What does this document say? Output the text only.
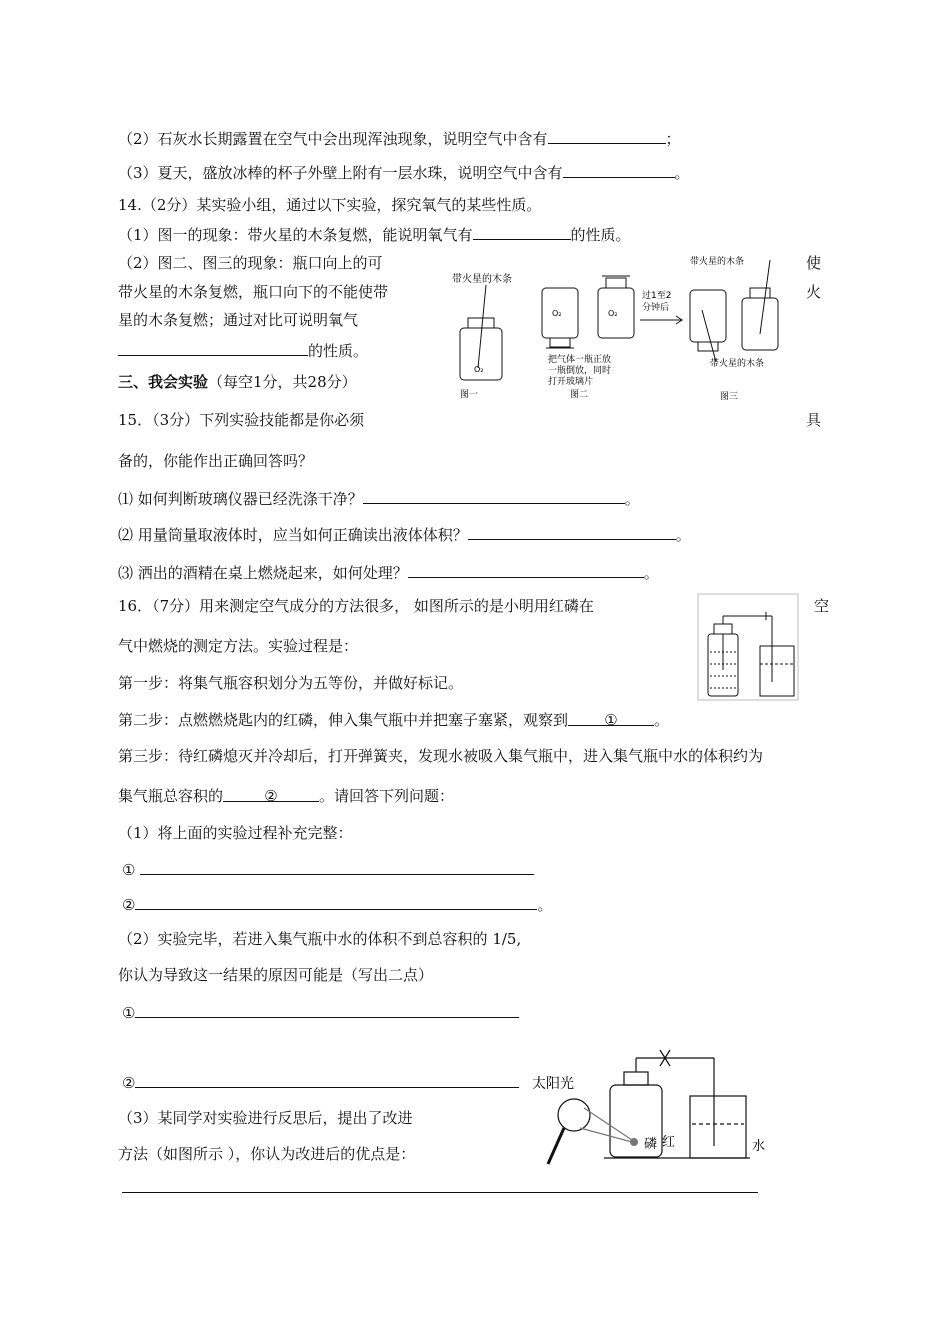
（2）石灰水长期露置在空气中会出现浑浊现象，说明空气中含有	；
（3）夏天，盛放冰棒的杯子外壁上附有一层水珠，说明空气中含有	。
14.（2分）某实验小组，通过以下实验，探究氧气的某些性质。
（1）图一的现象：带火星的木条复燃，能说明氧气有	的性质。
（2）图二、图三的现象：瓶口向上的可	使
带火星的木条复燃，瓶口向下的不能使带	火
星的木条复燃；通过对比可说明氧气
的性质。
带火星的木条
O₂
O₂	O₂
过1至2
分钟后
带火星的木条
带火星的木条
把气体一瓶正放
一瓶倒放，同时
打开玻璃片
图一	图二	图三
三、我会实验（每空1分，共28分）
15．（3分）下列实验技能都是你必须	具
备的，你能作出正确回答吗？
⑴ 如何判断玻璃仪器已经洗涤干净？	。
⑵ 用量筒量取液体时，应当如何正确读出液体体积？	。
⑶ 洒出的酒精在桌上燃烧起来，如何处理？	。
16．（7分）用来测定空气成分的方法很多， 如图所示的是小明用红磷在	空
气中燃烧的测定方法。实验过程是：
第一步：将集气瓶容积划分为五等份，并做好标记。
第二步：点燃燃烧匙内的红磷，伸入集气瓶中并把塞子塞紧，观察到 ① 。
第三步：待红磷熄灭并冷却后，打开弹簧夹，发现水被吸入集气瓶中，进入集气瓶中水的体积约为
集气瓶总容积的	②	。请回答下列问题：
（1）将上面的实验过程补充完整：
①
②	。
（2）实验完毕，若进入集气瓶中水的体积不到总容积的 1/5,
你认为导致这一结果的原因可能是（写出二点）
①
②
（3）某同学对实验进行反思后，提出了改进
方法（如图所示 ），你认为改进后的优点是：
太阳光
磷 红	水
